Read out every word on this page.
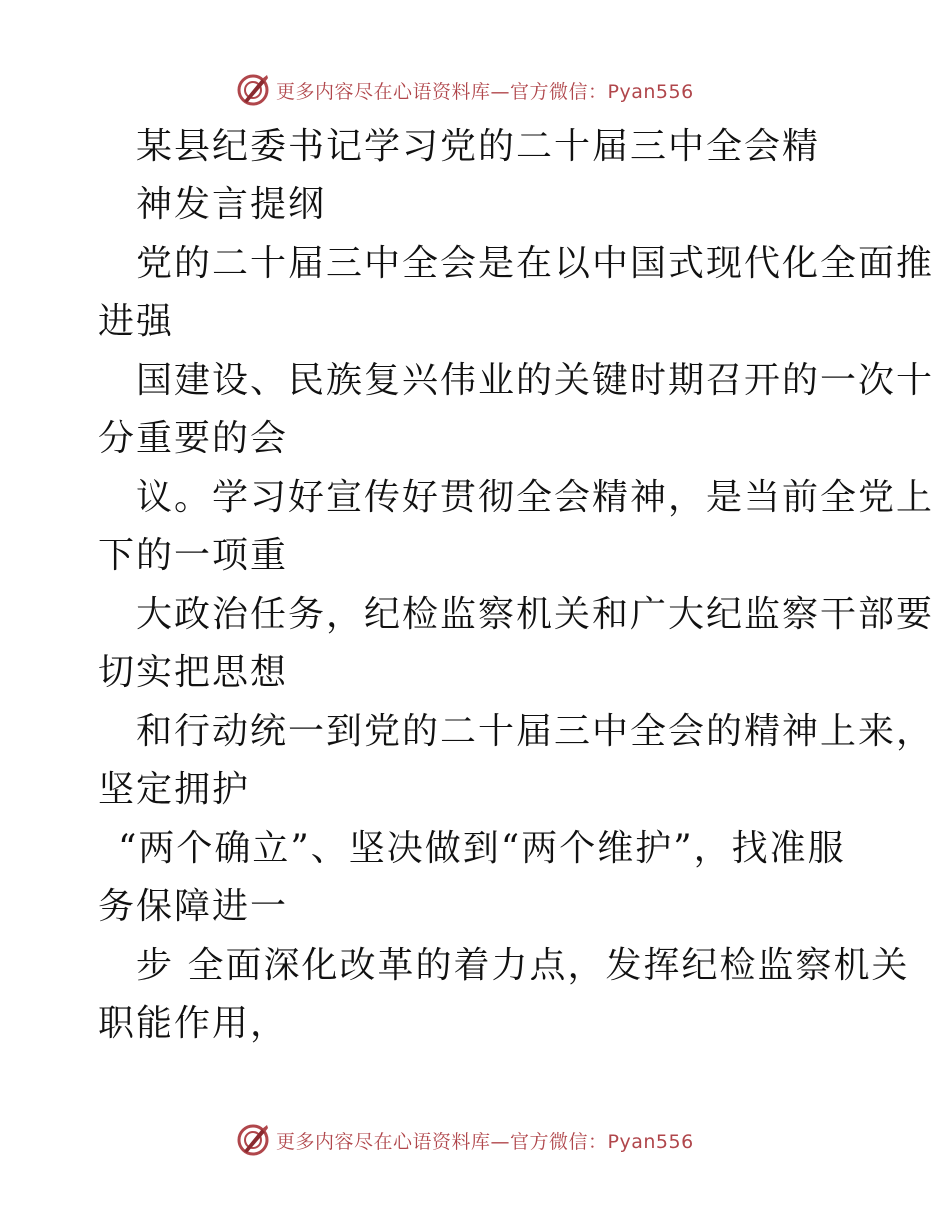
更多内容尽在心语资料库—官方微信：Pyan556
某县纪委书记学习党的二十届三中全会精
神发言提纲
党的二十届三中全会是在以中国式现代化全面推
进强
国建设、民族复兴伟业的关键时期召开的一次十
分重要的会
议。学习好宣传好贯彻全会精神，是当前全党上
下的一项重
大政治任务，纪检监察机关和广大纪监察干部要
切实把思想
和行动统一到党的二十届三中全会的精神上来，
坚定拥护
“两个确立”、坚决做到“两个维护”，找准服
务保障进一
步 全面深化改革的着力点，发挥纪检监察机关
职能作用，
更多内容尽在心语资料库—官方微信：Pyan556
